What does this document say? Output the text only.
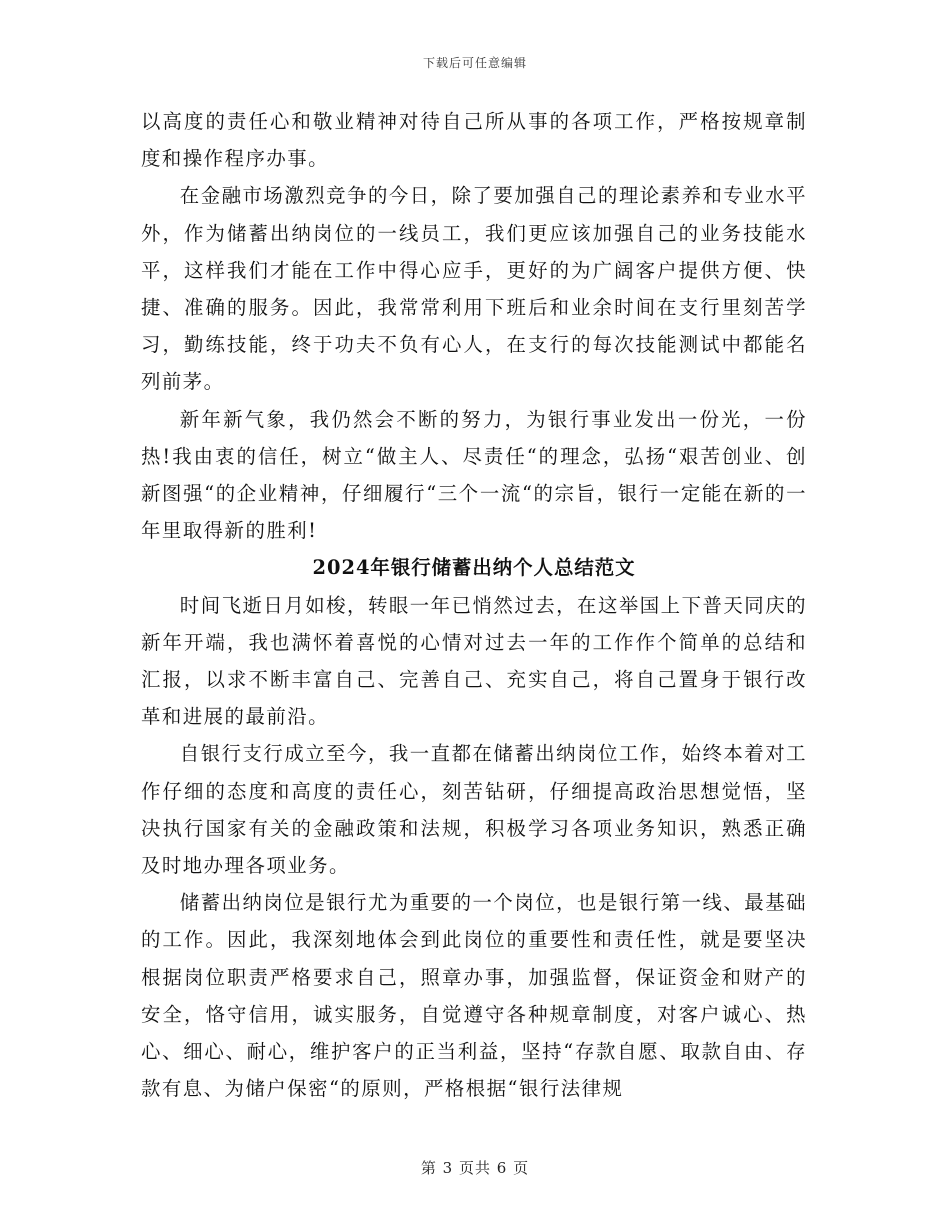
下载后可任意编辑

以高度的责任心和敬业精神对待自己所从事的各项工作，严格按规章制度和操作程序办事。

在金融市场激烈竞争的今日，除了要加强自己的理论素养和专业水平外，作为储蓄出纳岗位的一线员工，我们更应该加强自己的业务技能水平，这样我们才能在工作中得心应手，更好的为广阔客户提供方便、快捷、准确的服务。因此，我常常利用下班后和业余时间在支行里刻苦学习，勤练技能，终于功夫不负有心人，在支行的每次技能测试中都能名列前茅。

新年新气象，我仍然会不断的努力，为银行事业发出一份光，一份热!我由衷的信任，树立“做主人、尽责任“的理念，弘扬“艰苦创业、创新图强“的企业精神，仔细履行“三个一流“的宗旨，银行一定能在新的一年里取得新的胜利!

2024年银行储蓄出纳个人总结范文

时间飞逝日月如梭，转眼一年已悄然过去，在这举国上下普天同庆的新年开端，我也满怀着喜悦的心情对过去一年的工作作个简单的总结和汇报，以求不断丰富自己、完善自己、充实自己，将自己置身于银行改革和进展的最前沿。

自银行支行成立至今，我一直都在储蓄出纳岗位工作，始终本着对工作仔细的态度和高度的责任心，刻苦钻研，仔细提高政治思想觉悟，坚决执行国家有关的金融政策和法规，积极学习各项业务知识，熟悉正确及时地办理各项业务。

储蓄出纳岗位是银行尤为重要的一个岗位，也是银行第一线、最基础的工作。因此，我深刻地体会到此岗位的重要性和责任性，就是要坚决根据岗位职责严格要求自己，照章办事，加强监督，保证资金和财产的安全，恪守信用，诚实服务，自觉遵守各种规章制度，对客户诚心、热心、细心、耐心，维护客户的正当利益，坚持“存款自愿、取款自由、存款有息、为储户保密“的原则，严格根据“银行法律规

第 3 页共 6 页
